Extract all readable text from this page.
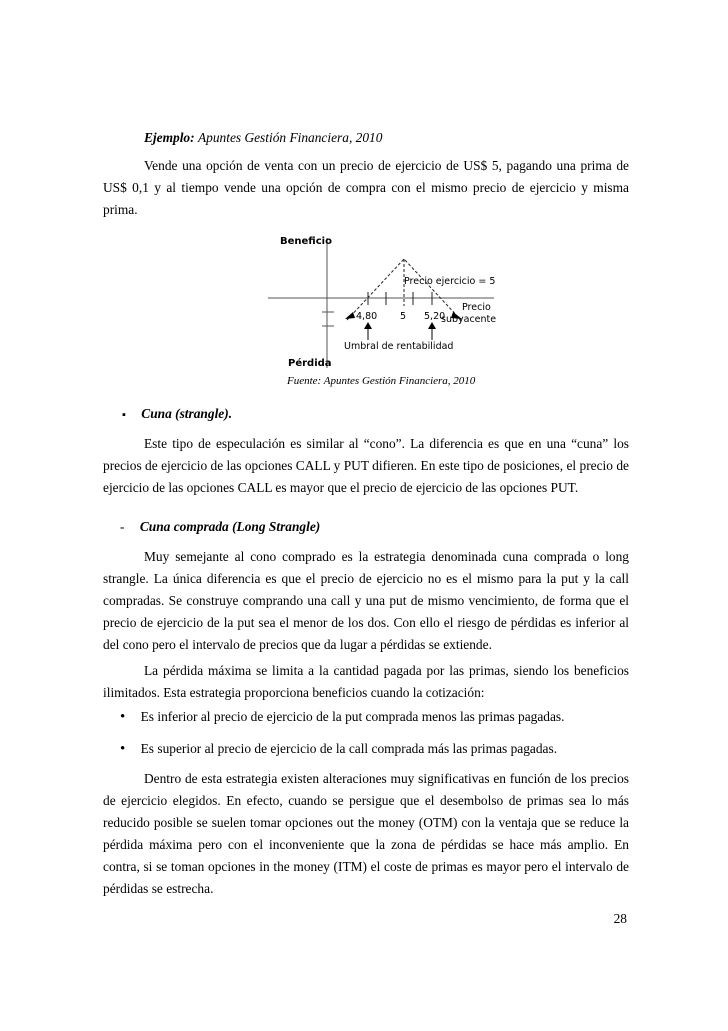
Ejemplo: Apuntes Gestión Financiera, 2010

Vende una opción de venta con un precio de ejercicio de US$ 5, pagando una prima de US$ 0,1 y al tiempo vende una opción de compra con el mismo precio de ejercicio y misma prima.

Beneficio
Pérdida
Precio ejercicio = 5
Precio
subyacente
4,80 5 5,20
Umbral de rentabilidad
Fuente: Apuntes Gestión Financiera, 2010
▪ Cuna (strangle).

Este tipo de especulación es similar al “cono”. La diferencia es que en una “cuna” los precios de ejercicio de las opciones CALL y PUT difieren. En este tipo de posiciones, el precio de ejercicio de las opciones CALL es mayor que el precio de ejercicio de las opciones PUT.

- Cuna comprada (Long Strangle)

Muy semejante al cono comprado es la estrategia denominada cuna comprada o long strangle. La única diferencia es que el precio de ejercicio no es el mismo para la put y la call compradas. Se construye comprando una call y una put de mismo vencimiento, de forma que el precio de ejercicio de la put sea el menor de los dos. Con ello el riesgo de pérdidas es inferior al del cono pero el intervalo de precios que da lugar a pérdidas se extiende.

La pérdida máxima se limita a la cantidad pagada por las primas, siendo los beneficios ilimitados. Esta estrategia proporciona beneficios cuando la cotización:

• Es inferior al precio de ejercicio de la put comprada menos las primas pagadas.
• Es superior al precio de ejercicio de la call comprada más las primas pagadas.

Dentro de esta estrategia existen alteraciones muy significativas en función de los precios de ejercicio elegidos. En efecto, cuando se persigue que el desembolso de primas sea lo más reducido posible se suelen tomar opciones out the money (OTM) con la ventaja que se reduce la pérdida máxima pero con el inconveniente que la zona de pérdidas se hace más amplio. En contra, si se toman opciones in the money (ITM) el coste de primas es mayor pero el intervalo de pérdidas se estrecha.

28
